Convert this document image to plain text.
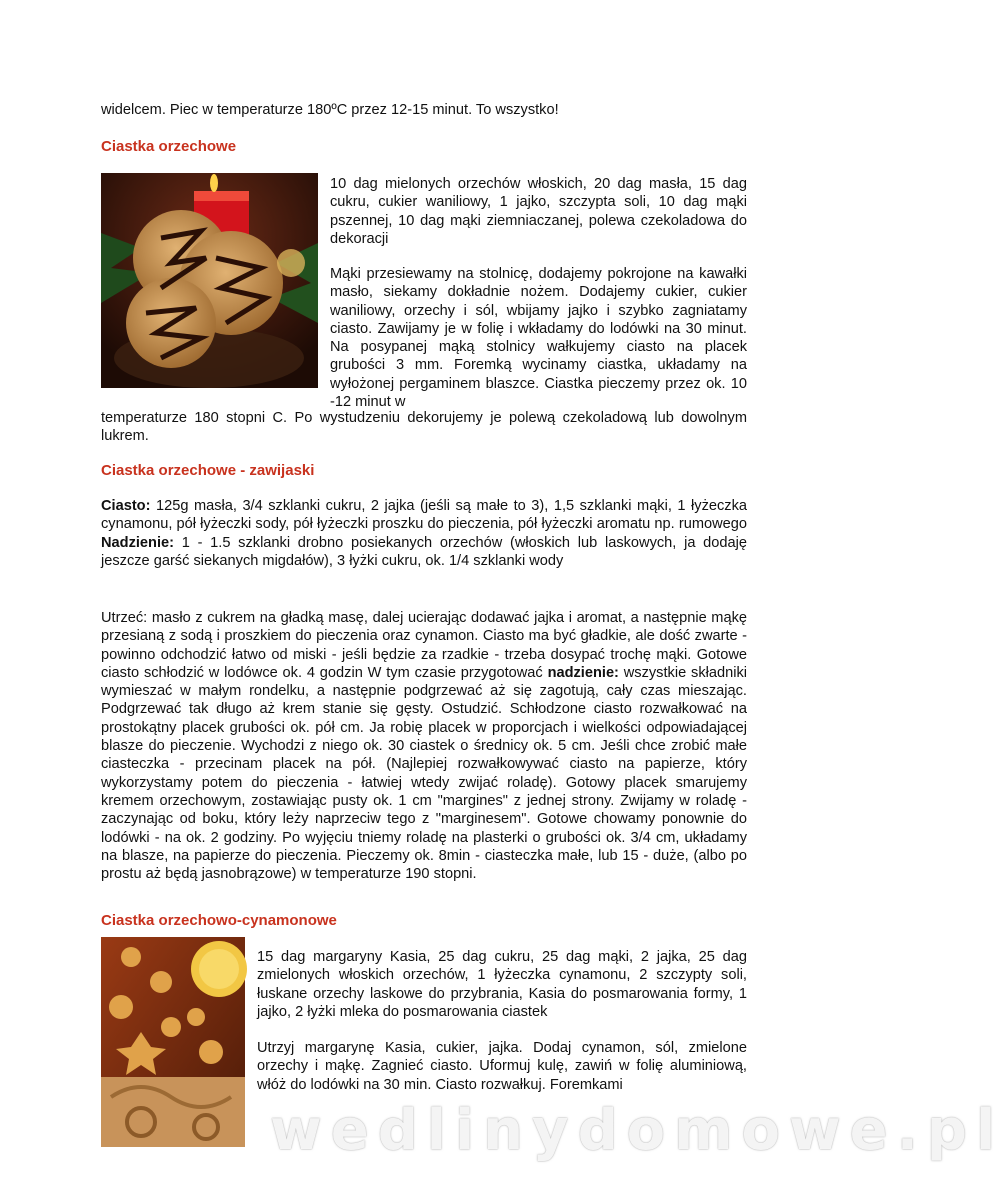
widelcem. Piec w temperaturze 180ºC przez 12-15 minut. To wszystko!

Ciastka orzechowe

10 dag mielonych orzechów włoskich, 20 dag masła, 15 dag cukru, cukier waniliowy, 1 jajko, szczypta soli, 10 dag mąki pszennej, 10 dag mąki ziemniaczanej, polewa czekoladowa do dekoracji

Mąki przesiewamy na stolnicę, dodajemy pokrojone na kawałki masło, siekamy dokładnie nożem. Dodajemy cukier, cukier waniliowy, orzechy i sól, wbijamy jajko i szybko zagniatamy ciasto. Zawijamy je w folię i wkładamy do lodówki na 30 minut. Na posypanej mąką stolnicy wałkujemy ciasto na placek grubości 3 mm. Foremką wycinamy ciastka, układamy na wyłożonej pergaminem blaszce. Ciastka pieczemy przez ok. 10 -12 minut w

temperaturze 180 stopni C. Po wystudzeniu dekorujemy je polewą czekoladową lub dowolnym lukrem.

Ciastka orzechowe - zawijaski

Ciasto: 125g masła, 3/4 szklanki cukru, 2 jajka (jeśli są małe to 3), 1,5 szklanki mąki, 1 łyżeczka cynamonu, pół łyżeczki sody, pół łyżeczki proszku do pieczenia, pół łyżeczki aromatu np. rumowego Nadzienie: 1 - 1.5 szklanki drobno posiekanych orzechów (włoskich lub laskowych, ja dodaję jeszcze garść siekanych migdałów), 3 łyżki cukru, ok. 1/4 szklanki wody

Utrzeć: masło z cukrem na gładką masę, dalej ucierając dodawać jajka i aromat, a następnie mąkę przesianą z sodą i proszkiem do pieczenia oraz cynamon. Ciasto ma być gładkie, ale dość zwarte - powinno odchodzić łatwo od miski - jeśli będzie za rzadkie - trzeba dosypać trochę mąki. Gotowe ciasto schłodzić w lodówce ok. 4 godzin W tym czasie przygotować nadzienie: wszystkie składniki wymieszać w małym rondelku, a następnie podgrzewać aż się zagotują, cały czas mieszając. Podgrzewać tak długo aż krem stanie się gęsty. Ostudzić. Schłodzone ciasto rozwałkować na prostokątny placek grubości ok. pół cm. Ja robię placek w proporcjach i wielkości odpowiadającej blasze do pieczenie. Wychodzi z niego ok. 30 ciastek o średnicy ok. 5 cm. Jeśli chce zrobić małe ciasteczka - przecinam placek na pół. (Najlepiej rozwałkowywać ciasto na papierze, który wykorzystamy potem do pieczenia - łatwiej wtedy zwijać roladę). Gotowy placek smarujemy kremem orzechowym, zostawiając pusty ok. 1 cm "margines" z jednej strony. Zwijamy w roladę - zaczynając od boku, który leży naprzeciw tego z "marginesem". Gotowe chowamy ponownie do lodówki - na ok. 2 godziny. Po wyjęciu tniemy roladę na plasterki o grubości ok. 3/4 cm, układamy na blasze, na papierze do pieczenia. Pieczemy ok. 8min - ciasteczka małe, lub 15 - duże, (albo po prostu aż będą jasnobrązowe) w temperaturze 190 stopni.

Ciastka orzechowo-cynamonowe

15 dag margaryny Kasia, 25 dag cukru, 25 dag mąki, 2 jajka, 25 dag zmielonych włoskich orzechów, 1 łyżeczka cynamonu, 2 szczypty soli, łuskane orzechy laskowe do przybrania, Kasia do posmarowania formy, 1 jajko, 2 łyżki mleka do posmarowania ciastek

Utrzyj margarynę Kasia, cukier, jajka. Dodaj cynamon, sól, zmielone orzechy i mąkę. Zagnieć ciasto. Uformuj kulę, zawiń w folię aluminiową, włóż do lodówki na 30 min. Ciasto rozwałkuj. Foremkami

wedlinydomowe.pl
